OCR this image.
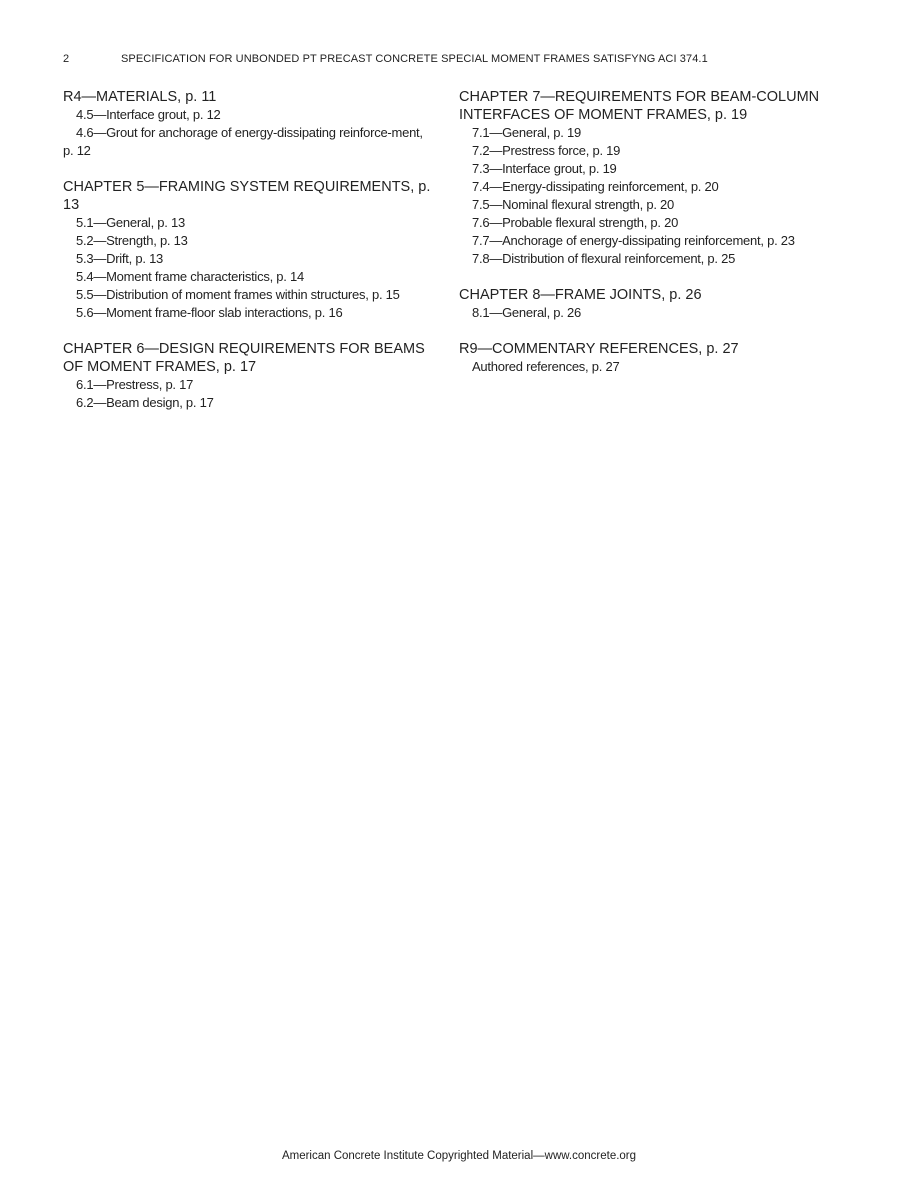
2	SPECIFICATION FOR UNBONDED PT PRECAST CONCRETE SPECIAL MOMENT FRAMES SATISFYNG ACI 374.1
R4—MATERIALS, p. 11
4.5—Interface grout, p. 12
4.6—Grout for anchorage of energy-dissipating reinforce-ment, p. 12
CHAPTER 5—FRAMING SYSTEM REQUIREMENTS, p. 13
5.1—General, p. 13
5.2—Strength, p. 13
5.3—Drift, p. 13
5.4—Moment frame characteristics, p. 14
5.5—Distribution of moment frames within structures, p. 15
5.6—Moment frame-floor slab interactions, p. 16
CHAPTER 6—DESIGN REQUIREMENTS FOR BEAMS OF MOMENT FRAMES, p. 17
6.1—Prestress, p. 17
6.2—Beam design, p. 17
CHAPTER 7—REQUIREMENTS FOR BEAM-COLUMN INTERFACES OF MOMENT FRAMES, p. 19
7.1—General, p. 19
7.2—Prestress force, p. 19
7.3—Interface grout, p. 19
7.4—Energy-dissipating reinforcement, p. 20
7.5—Nominal flexural strength, p. 20
7.6—Probable flexural strength, p. 20
7.7—Anchorage of energy-dissipating reinforcement, p. 23
7.8—Distribution of flexural reinforcement, p. 25
CHAPTER 8—FRAME JOINTS, p. 26
8.1—General, p. 26
R9—COMMENTARY REFERENCES, p. 27
Authored references, p. 27
American Concrete Institute Copyrighted Material—www.concrete.org
